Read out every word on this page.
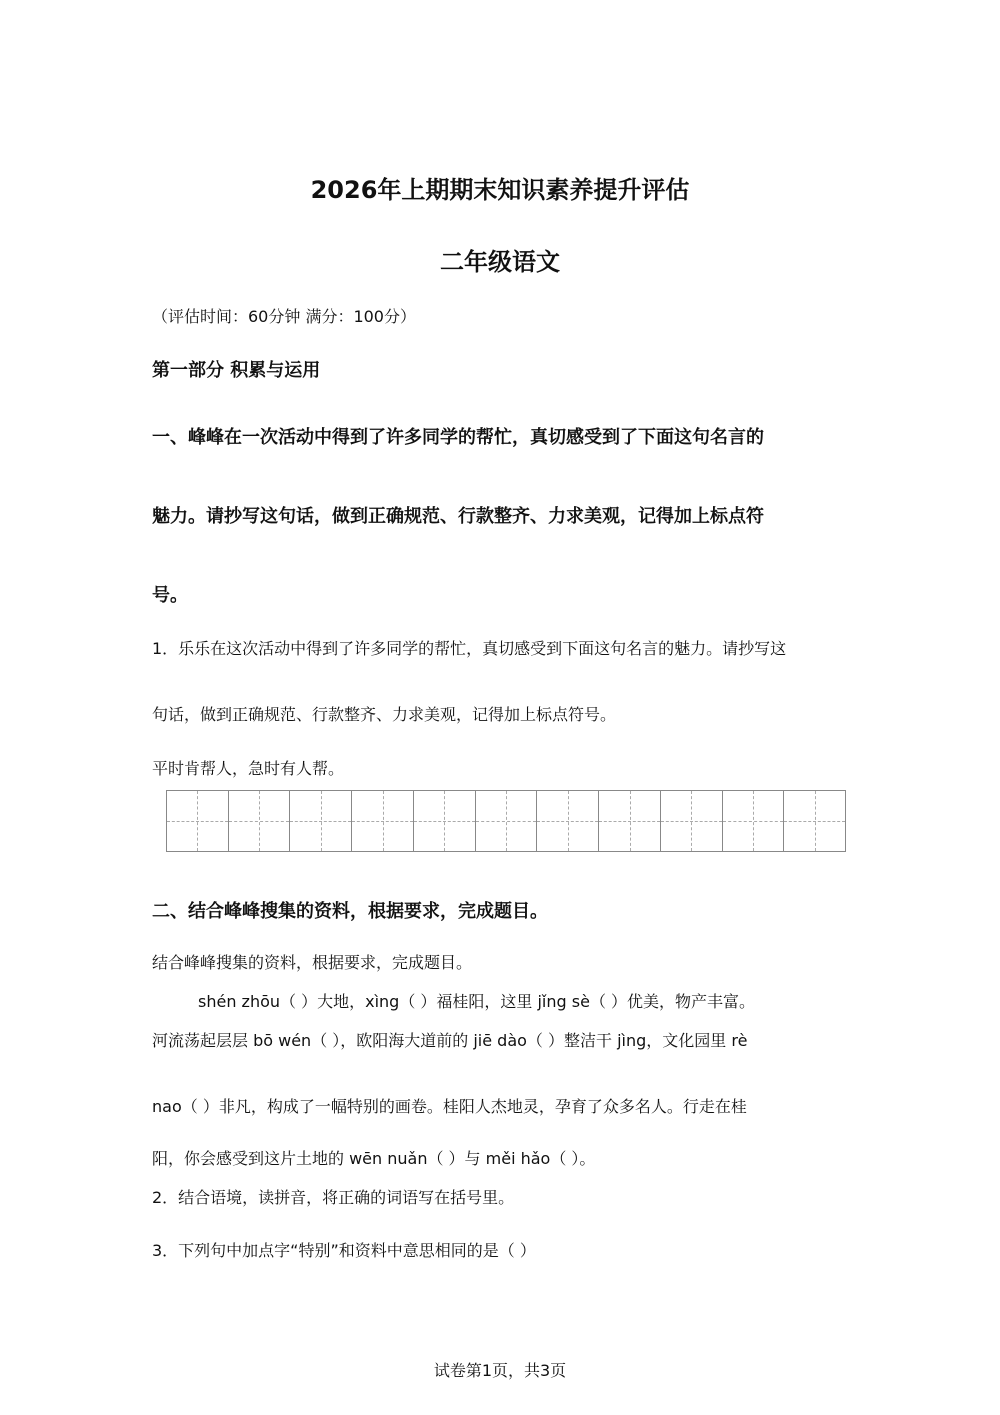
2026年上期期末知识素养提升评估
二年级语文
（评估时间：60分钟 满分：100分）
第一部分 积累与运用
一、峰峰在一次活动中得到了许多同学的帮忙，真切感受到了下面这句名言的
魅力。请抄写这句话，做到正确规范、行款整齐、力求美观，记得加上标点符
号。
1．乐乐在这次活动中得到了许多同学的帮忙，真切感受到下面这句名言的魅力。请抄写这
句话，做到正确规范、行款整齐、力求美观，记得加上标点符号。
平时肯帮人，急时有人帮。
二、结合峰峰搜集的资料，根据要求，完成题目。
结合峰峰搜集的资料，根据要求，完成题目。
shén zhōu（ ）大地，xìng（ ）福桂阳，这里 jǐng sè（ ）优美，物产丰富。
河流荡起层层 bō wén（ ），欧阳海大道前的 jiē dào（ ）整洁干 jìng，文化园里 rè
nao（ ）非凡，构成了一幅特别的画卷。桂阳人杰地灵，孕育了众多名人。行走在桂
阳，你会感受到这片土地的 wēn nuǎn（ ）与 měi hǎo（ ）。
2．结合语境，读拼音，将正确的词语写在括号里。
3．下列句中加点字“特别”和资料中意思相同的是（ ）
试卷第1页，共3页
